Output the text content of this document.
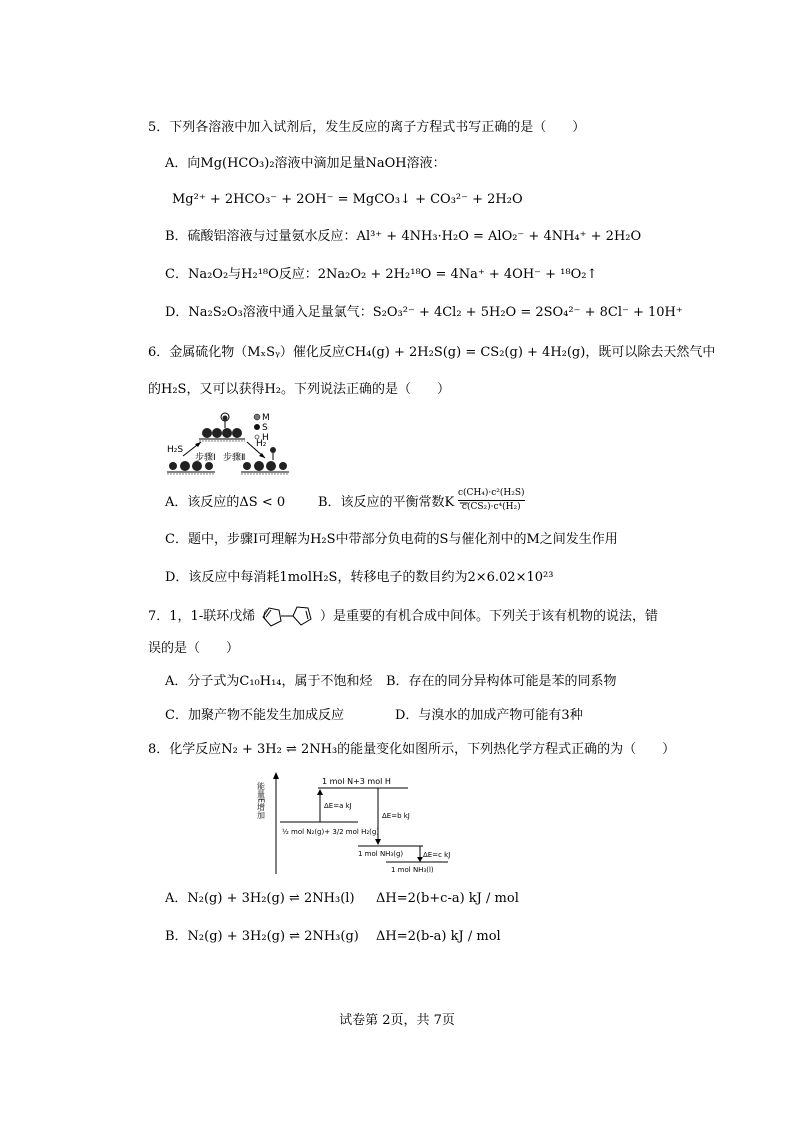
5．下列各溶液中加入试剂后，发生反应的离子方程式书写正确的是（　　）
A．向Mg(HCO₃)₂溶液中滴加足量NaOH溶液：
Mg²⁺ + 2HCO₃⁻ + 2OH⁻ = MgCO₃↓ + CO₃²⁻ + 2H₂O
B．硫酸铝溶液与过量氨水反应：Al³⁺ + 4NH₃·H₂O = AlO₂⁻ + 4NH₄⁺ + 2H₂O
C．Na₂O₂与H₂¹⁸O反应：2Na₂O₂ + 2H₂¹⁸O = 4Na⁺ + 4OH⁻ + ¹⁸O₂↑
D．Na₂S₂O₃溶液中通入足量氯气：S₂O₃²⁻ + 4Cl₂ + 5H₂O = 2SO₄²⁻ + 8Cl⁻ + 10H⁺
6．金属硫化物（MₓSᵧ）催化反应CH₄(g) + 2H₂S(g) = CS₂(g) + 4H₂(g)，既可以除去天然气中
的H₂S，又可以获得H₂。下列说法正确的是（　　）
H₂S
H₂
步骤Ⅰ 步骤Ⅱ
M
S
H
A．该反应的ΔS < 0	B．该反应的平衡常数K =
$\frac{\text{c(CH₄)·c²(H₂S)}}{\text{c(CS₂)·c⁴(H₂)}}$
C．题中，步骤Ⅰ可理解为H₂S中带部分负电荷的S与催化剂中的M之间发生作用
D．该反应中每消耗1molH₂S，转移电子的数目约为2×6.02×10²³
7．1，1-联环戊烯（	）是重要的有机合成中间体。下列关于该有机物的说法，错
误的是（　　）
A．分子式为C₁₀H₁₄，属于不饱和烃 B．存在的同分异构体可能是苯的同系物
C．加聚产物不能发生加成反应	D．与溴水的加成产物可能有3种
8．化学反应N₂ + 3H₂ ⇌ 2NH₃的能量变化如图所示，下列热化学方程式正确的为（　　）
能量E增加
1 mol N+3 mol H
½ mol N₂(g)+ 3/2 mol H₂(g)
1 mol NH₃(g)
1 mol NH₃(l)
ΔE=a kJ
ΔE=b kJ
ΔE=c kJ
A．N₂(g) + 3H₂(g) ⇌ 2NH₃(l) ΔH=2(b+c-a) kJ / mol
B．N₂(g) + 3H₂(g) ⇌ 2NH₃(g) ΔH=2(b-a) kJ / mol
试卷第 2页，共 7页
